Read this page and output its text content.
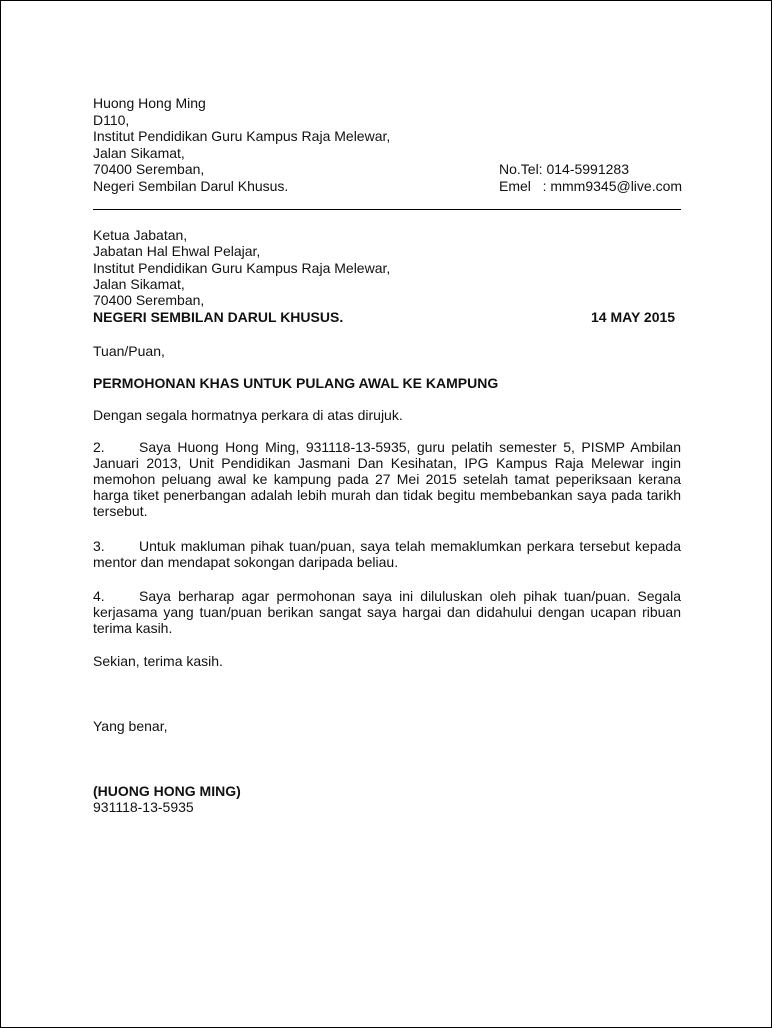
Huong Hong Ming
D110,
Institut Pendidikan Guru Kampus Raja Melewar,
Jalan Sikamat,
70400 Seremban,
Negeri Sembilan Darul Khusus.
No.Tel: 014-5991283
Emel   : mmm9345@live.com
Ketua Jabatan,
Jabatan Hal Ehwal Pelajar,
Institut Pendidikan Guru Kampus Raja Melewar,
Jalan Sikamat,
70400 Seremban,
NEGERI SEMBILAN DARUL KHUSUS.	14 MAY 2015
Tuan/Puan,
PERMOHONAN KHAS UNTUK PULANG AWAL KE KAMPUNG
Dengan segala hormatnya perkara di atas dirujuk.
2. Saya Huong Hong Ming, 931118-13-5935, guru pelatih semester 5, PISMP Ambilan
Januari 2013, Unit Pendidikan Jasmani Dan Kesihatan, IPG Kampus Raja Melewar ingin
memohon peluang awal ke kampung pada 27 Mei 2015 setelah tamat peperiksaan kerana
harga tiket penerbangan adalah lebih murah dan tidak begitu membebankan saya pada tarikh
tersebut.
3. Untuk makluman pihak tuan/puan, saya telah memaklumkan perkara tersebut kepada
mentor dan mendapat sokongan daripada beliau.
4. Saya berharap agar permohonan saya ini diluluskan oleh pihak tuan/puan. Segala
kerjasama yang tuan/puan berikan sangat saya hargai dan didahului dengan ucapan ribuan
terima kasih.
Sekian, terima kasih.
Yang benar,
(HUONG HONG MING)
931118-13-5935
